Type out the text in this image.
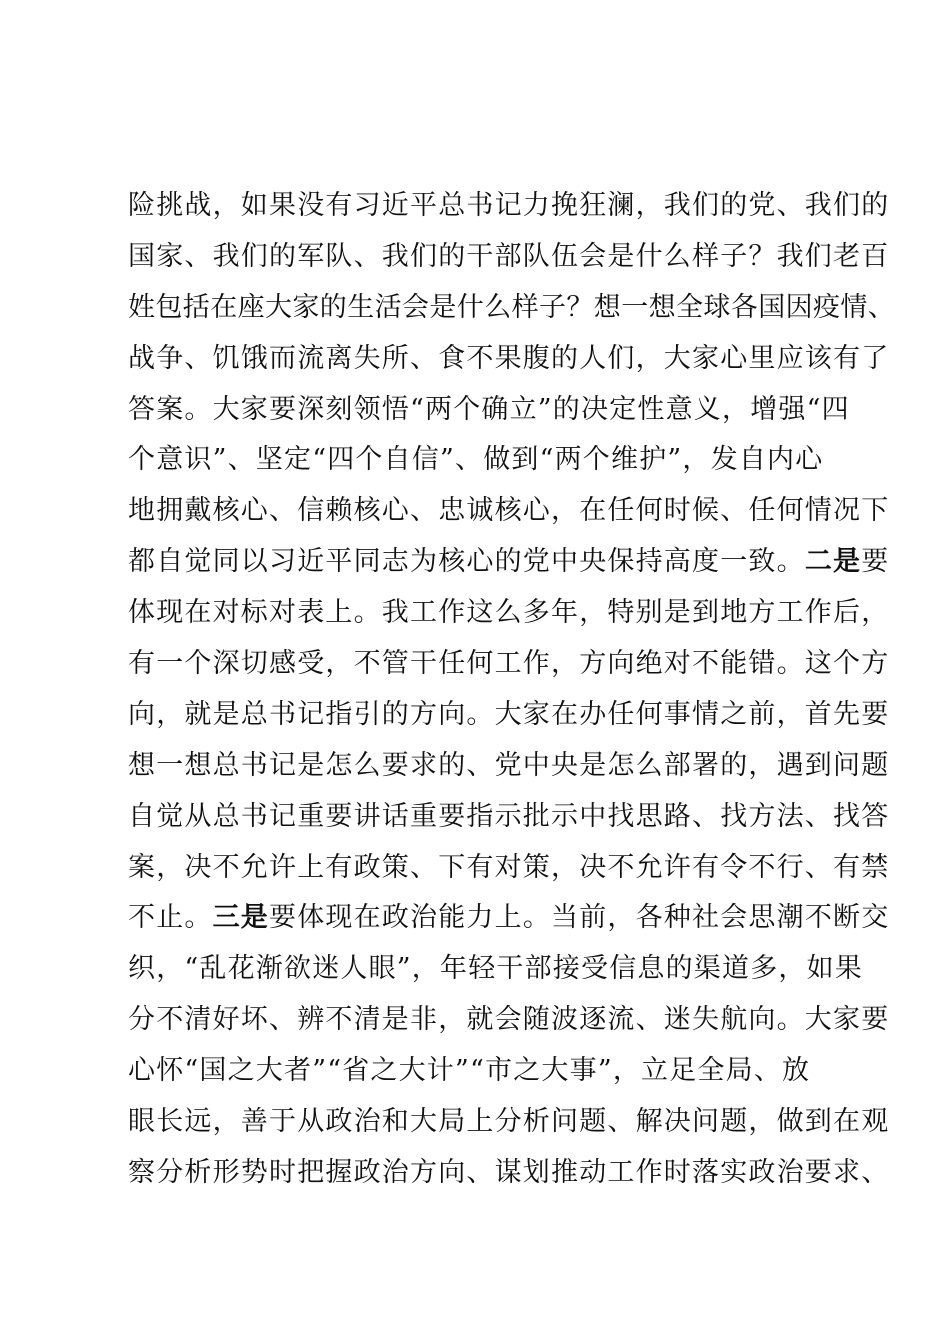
险挑战，如果没有习近平总书记力挽狂澜，我们的党、我们的
国家、我们的军队、我们的干部队伍会是什么样子？我们老百
姓包括在座大家的生活会是什么样子？想一想全球各国因疫情、
战争、饥饿而流离失所、食不果腹的人们，大家心里应该有了
答案。大家要深刻领悟“两个确立”的决定性意义，增强“四
个意识”、坚定“四个自信”、做到“两个维护”，发自内心
地拥戴核心、信赖核心、忠诚核心，在任何时候、任何情况下
都自觉同以习近平同志为核心的党中央保持高度一致。二是要
体现在对标对表上。我工作这么多年，特别是到地方工作后，
有一个深切感受，不管干任何工作，方向绝对不能错。这个方
向，就是总书记指引的方向。大家在办任何事情之前，首先要
想一想总书记是怎么要求的、党中央是怎么部署的，遇到问题
自觉从总书记重要讲话重要指示批示中找思路、找方法、找答
案，决不允许上有政策、下有对策，决不允许有令不行、有禁
不止。三是要体现在政治能力上。当前，各种社会思潮不断交
织，“乱花渐欲迷人眼”，年轻干部接受信息的渠道多，如果
分不清好坏、辨不清是非，就会随波逐流、迷失航向。大家要
心怀“国之大者”“省之大计”“市之大事”，立足全局、放
眼长远，善于从政治和大局上分析问题、解决问题，做到在观
察分析形势时把握政治方向、谋划推动工作时落实政治要求、
